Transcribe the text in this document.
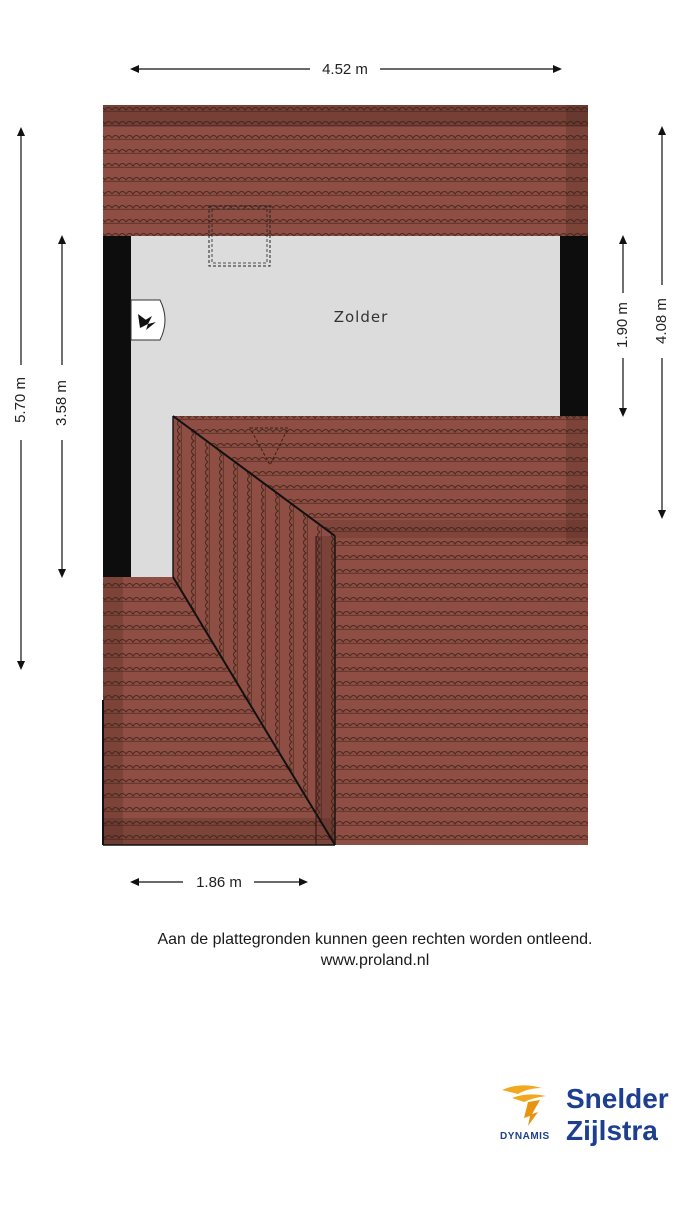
4.52 m
5.70 m 3.58 m
1.90 m 4.08 m
1.86 m
Zolder
Aan de plattegronden kunnen geen rechten worden ontleend.
www.proland.nl
Snelder
Zijlstra
DYNAMIS
